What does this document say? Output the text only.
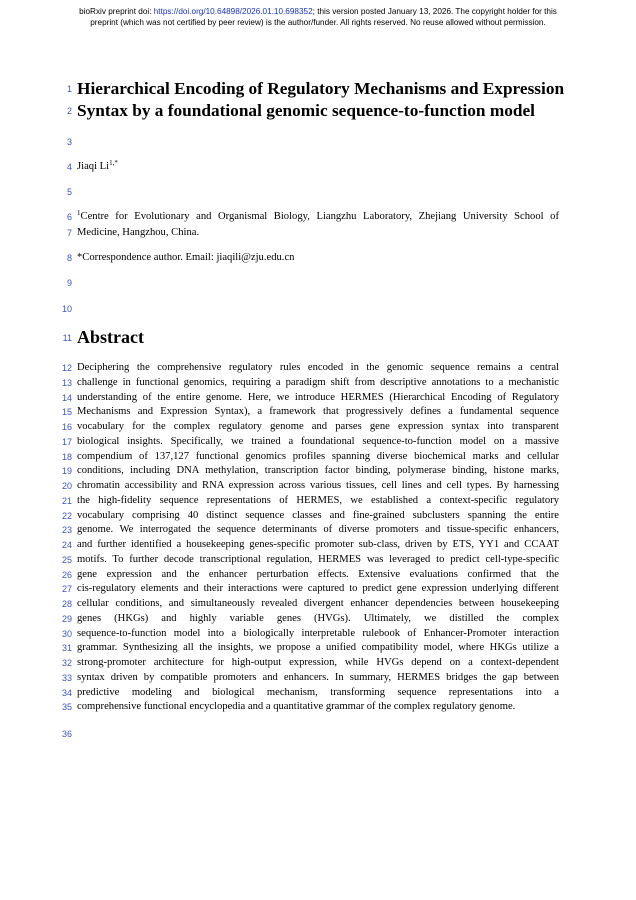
bioRxiv preprint doi: https://doi.org/10.64898/2026.01.10.698352; this version posted January 13, 2026. The copyright holder for this
preprint (which was not certified by peer review) is the author/funder. All rights reserved. No reuse allowed without permission.
1
2
3
4
5
6
7
8
9
10
11
12
13
14
15
16
17
18
19
20
21
22
23
24
25
26
27
28
29
30
31
32
33
34
35
36
Hierarchical Encoding of Regulatory Mechanisms and Expression
Syntax by a foundational genomic sequence-to-function model
Jiaqi $Li^{1,*}$
$^1$Centre for Evolutionary and Organismal Biology, Liangzhu Laboratory, Zhejiang University School of
Medicine, Hangzhou, China.
*Correspondence author. Email: jiaqili@zju.edu.cn
Abstract
Deciphering the comprehensive regulatory rules encoded in the genomic sequence remains a central
challenge in functional genomics, requiring a paradigm shift from descriptive annotations to a mechanistic
understanding of the entire genome. Here, we introduce HERMES (Hierarchical Encoding of Regulatory
Mechanisms and Expression Syntax), a framework that progressively defines a fundamental sequence
vocabulary for the complex regulatory genome and parses gene expression syntax into transparent
biological insights. Specifically, we trained a foundational sequence-to-function model on a massive
compendium of 137,127 functional genomics profiles spanning diverse biochemical marks and cellular
conditions, including DNA methylation, transcription factor binding, polymerase binding, histone marks,
chromatin accessibility and RNA expression across various tissues, cell lines and cell types. By harnessing
the high-fidelity sequence representations of HERMES, we established a context-specific regulatory
vocabulary comprising 40 distinct sequence classes and fine-grained subclusters spanning the entire
genome. We interrogated the sequence determinants of diverse promoters and tissue-specific enhancers,
and further identified a housekeeping genes-specific promoter sub-class, driven by ETS, YY1 and CCAAT
motifs. To further decode transcriptional regulation, HERMES was leveraged to predict cell-type-specific
gene expression and the enhancer perturbation effects. Extensive evaluations confirmed that the
cis-regulatory elements and their interactions were captured to predict gene expression underlying different
cellular conditions, and simultaneously revealed divergent enhancer dependencies between housekeeping
genes (HKGs) and highly variable genes (HVGs). Ultimately, we distilled the complex
sequence-to-function model into a biologically interpretable rulebook of Enhancer-Promoter interaction
grammar. Synthesizing all the insights, we propose a unified compatibility model, where HKGs utilize a
strong-promoter architecture for high-output expression, while HVGs depend on a context-dependent
syntax driven by compatible promoters and enhancers. In summary, HERMES bridges the gap between
predictive modeling and biological mechanism, transforming sequence representations into a
comprehensive functional encyclopedia and a quantitative grammar of the complex regulatory genome.
